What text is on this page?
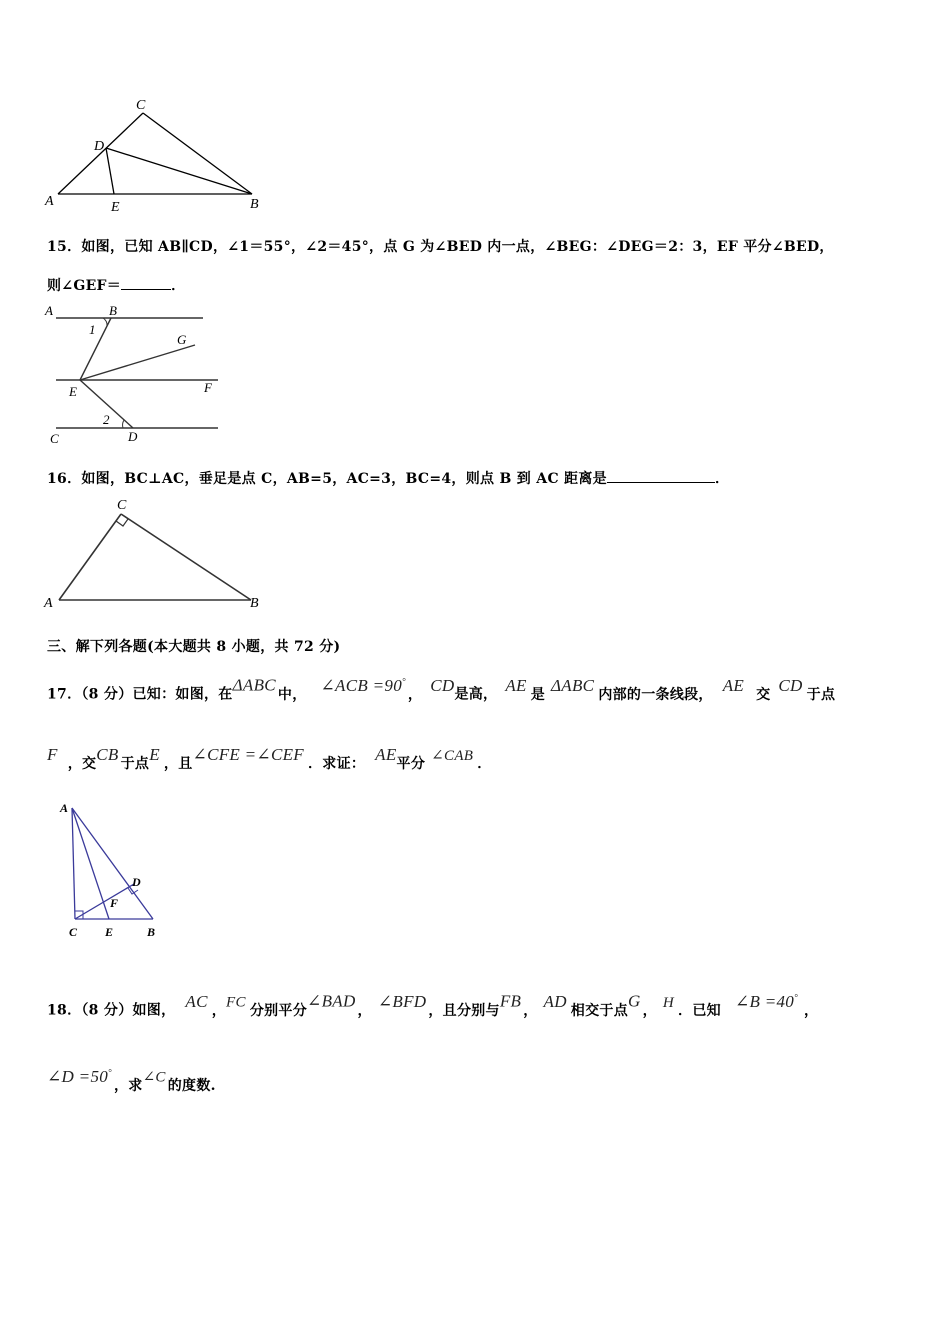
C
D
A	E	B
15．如图，已知 AB∥CD，∠1＝55°，∠2＝45°，点 G 为∠BED 内一点，∠BEG：∠DEG＝2：3，EF 平分∠BED，
则∠GEF＝	．
A	B
1
G
E	F
2
C	D
16．如图，BC⊥AC，垂足是点 C，AB=5，AC=3，BC=4，则点 B 到 AC 距离是	．
C
A	B
三、解下列各题(本大题共 8 小题，共 72 分)
17．（8 分）已知：如图，在ΔABC 中， ∠ACB =90°， CD是高， AE 是 ΔABC 内部的一条线段， AE 交 CD 于点
F ，交CB 于点E ，且∠CFE =∠CEF ．求证： AE平分 ∠CAB ．
A
D
F
C E	B
18．（8 分）如图， AC ，FC 分别平分∠BAD ， ∠BFD ，且分别与FB ， AD 相交于点G ， H ．已知 ∠B =40°，
∠D =50°，求∠C 的度数.
